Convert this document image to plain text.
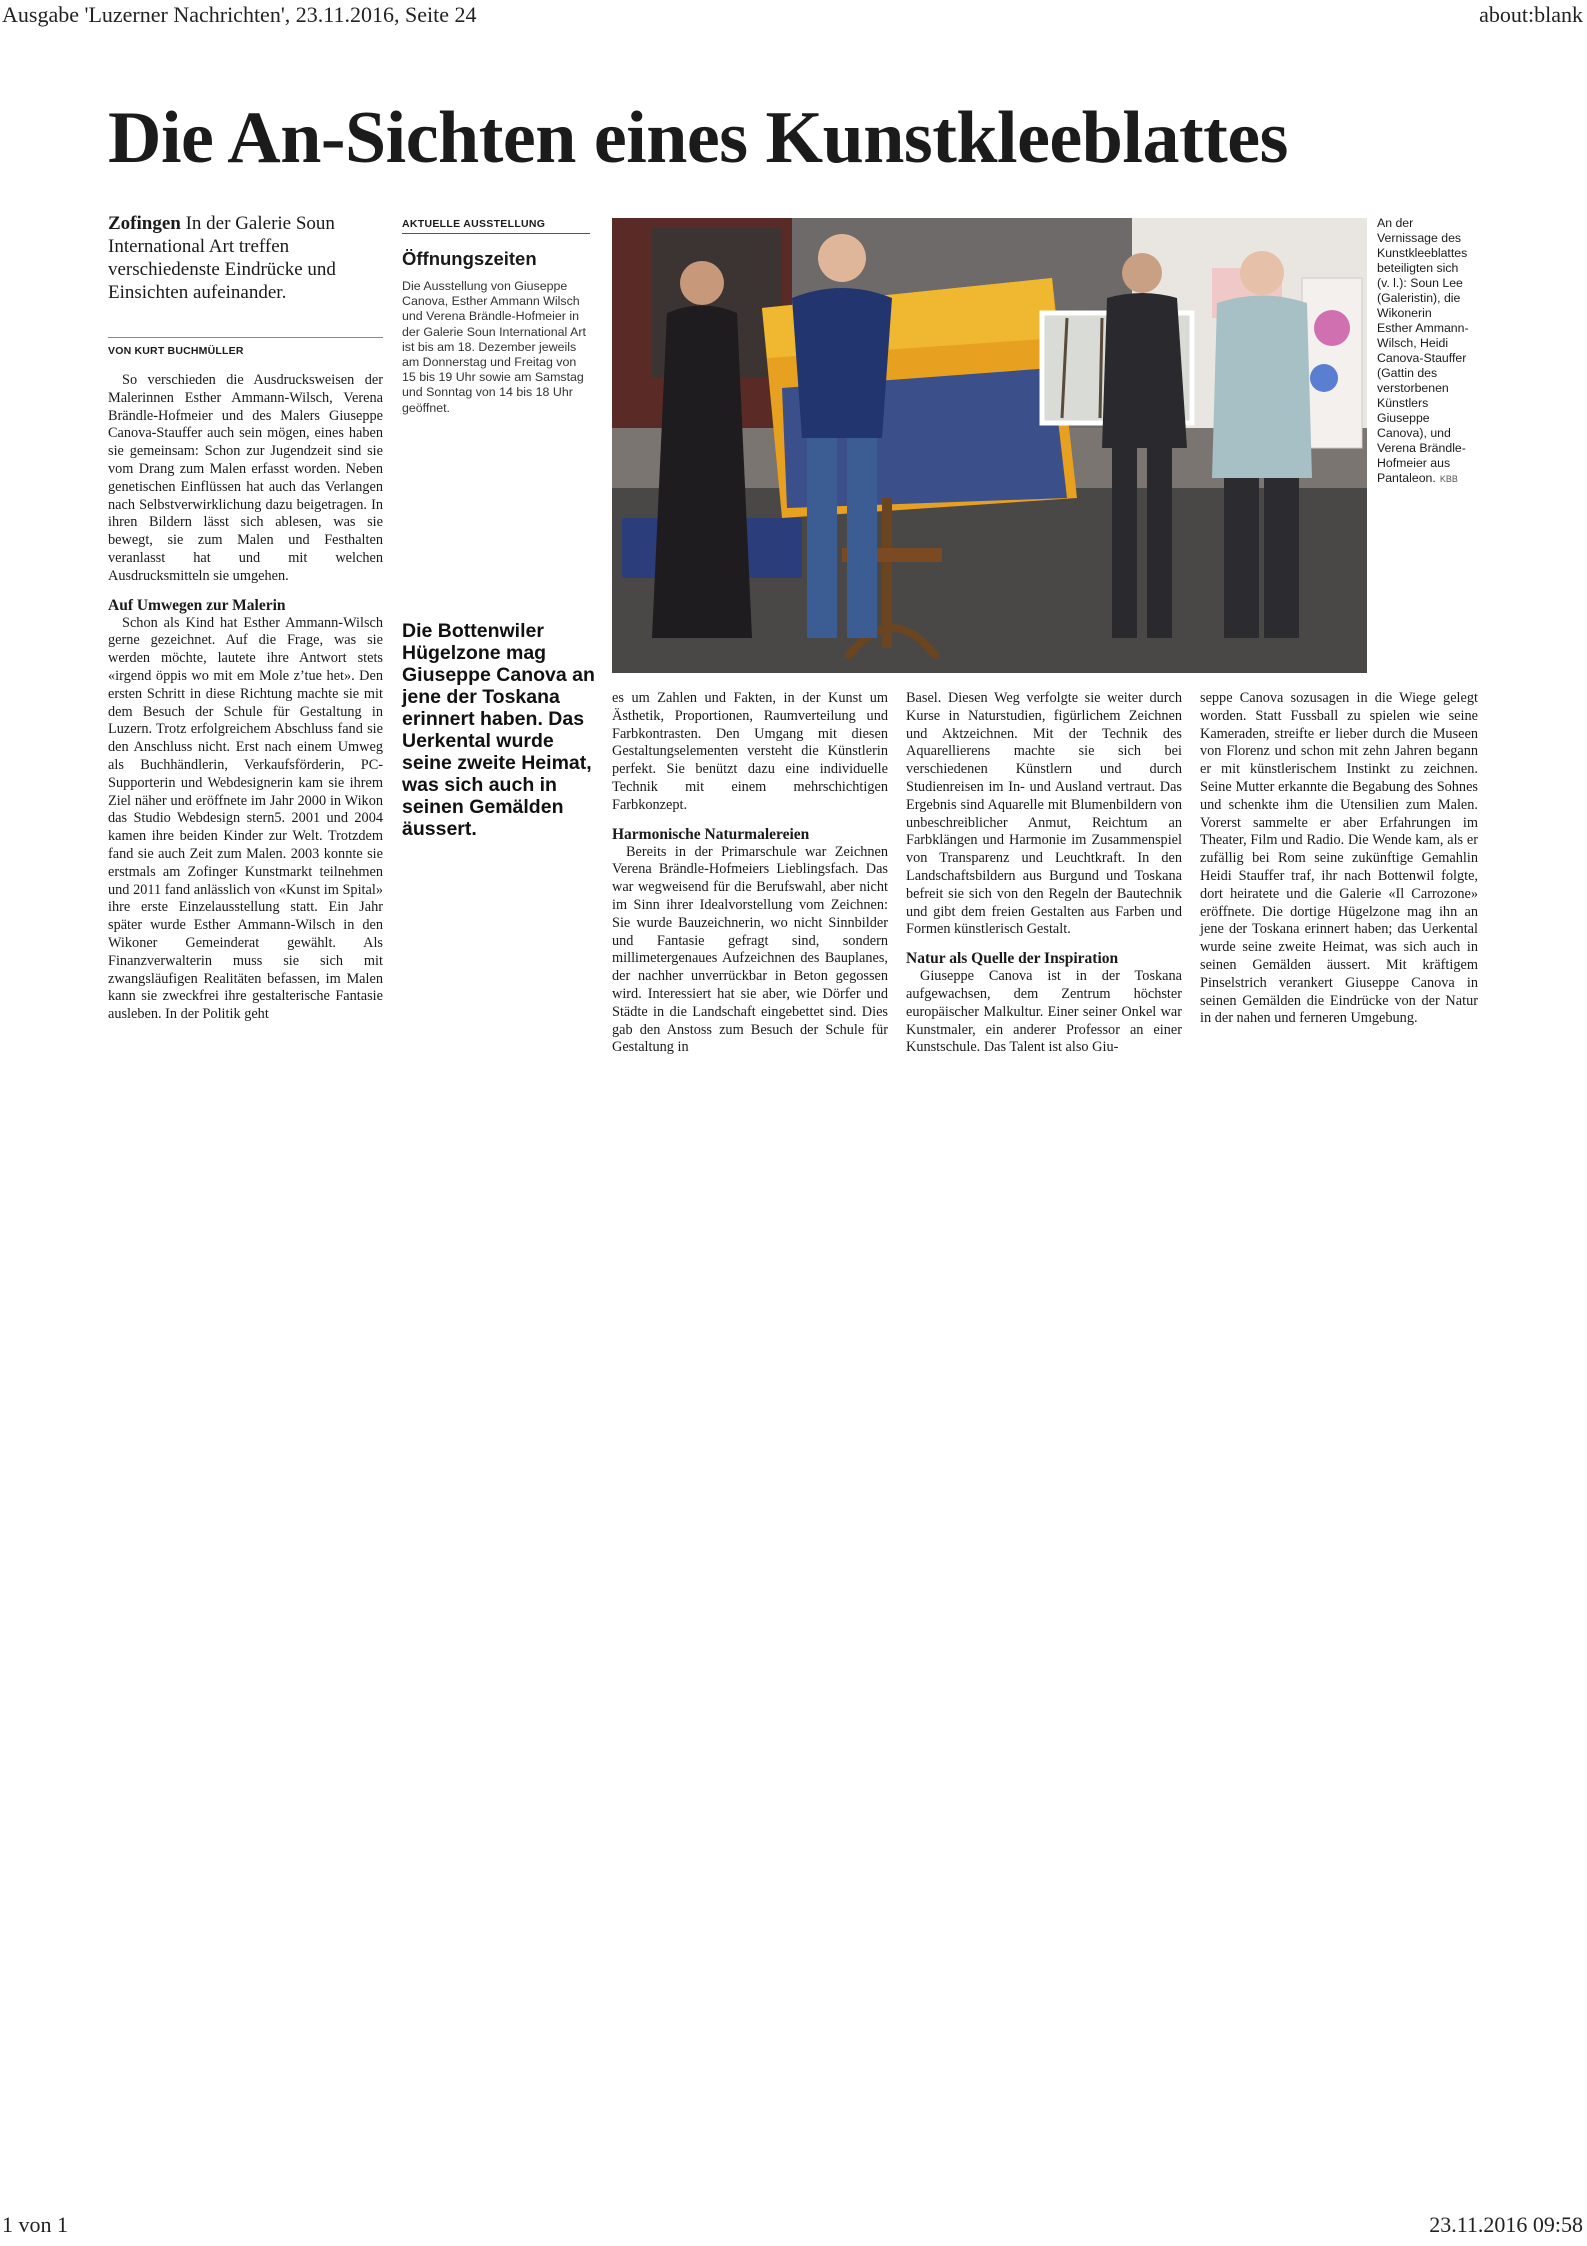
Ausgabe 'Luzerner Nachrichten', 23.11.2016, Seite 24	about:blank
Die An-Sichten eines Kunstkleeblattes
Zofingen In der Galerie Soun International Art treffen verschiedenste Eindrücke und Einsichten aufeinander.
VON KURT BUCHMÜLLER

So verschieden die Ausdrucksweisen der Malerinnen Esther Ammann-Wilsch, Verena Brändle-Hofmeier und des Malers Giuseppe Canova-Stauffer auch sein mögen, eines haben sie gemeinsam: Schon zur Jugendzeit sind sie vom Drang zum Malen erfasst worden. Neben genetischen Einflüssen hat auch das Verlangen nach Selbstverwirklichung dazu beigetragen. In ihren Bildern lässt sich ablesen, was sie bewegt, sie zum Malen und Festhalten veranlasst hat und mit welchen Ausdrucksmitteln sie umgehen.

Auf Umwegen zur Malerin

Schon als Kind hat Esther Ammann-Wilsch gerne gezeichnet. Auf die Frage, was sie werden möchte, lautete ihre Antwort stets «irgend öppis wo mit em Mole z’tue het». Den ersten Schritt in diese Richtung machte sie mit dem Besuch der Schule für Gestaltung in Luzern. Trotz erfolgreichem Abschluss fand sie den Anschluss nicht. Erst nach einem Umweg als Buchhändlerin, Verkaufsförderin, PC-Supporterin und Webdesignerin kam sie ihrem Ziel näher und eröffnete im Jahr 2000 in Wikon das Studio Webdesign stern5. 2001 und 2004 kamen ihre beiden Kinder zur Welt. Trotzdem fand sie auch Zeit zum Malen. 2003 konnte sie erstmals am Zofinger Kunstmarkt teilnehmen und 2011 fand anlässlich von «Kunst im Spital» ihre erste Einzelausstellung statt. Ein Jahr später wurde Esther Ammann-Wilsch in den Wikoner Gemeinderat gewählt. Als Finanzverwalterin muss sie sich mit zwangsläufigen Realitäten befassen, im Malen kann sie zweckfrei ihre gestalterische Fantasie ausleben. In der Politik geht

AKTUELLE AUSSTELLUNG
Öffnungszeiten
Die Ausstellung von Giuseppe Canova, Esther Ammann Wilsch und Verena Brändle-Hofmeier in der Galerie Soun International Art ist bis am 18. Dezember jeweils am Donnerstag und Freitag von 15 bis 19 Uhr sowie am Samstag und Sonntag von 14 bis 18 Uhr geöffnet.
Die Bottenwiler Hügelzone mag Giuseppe Canova an jene der Toskana erinnert haben. Das Uerkental wurde seine zweite Heimat, was sich auch in seinen Gemälden äussert.
An der Vernissage des Kunstkleeblattes beteiligten sich (v. l.): Soun Lee (Galeristin), die Wikonerin Esther Ammann-Wilsch, Heidi Canova-Stauffer (Gattin des verstorbenen Künstlers Giuseppe Canova), und Verena Brändle-Hofmeier aus Pantaleon. KBB

es um Zahlen und Fakten, in der Kunst um Ästhetik, Proportionen, Raumverteilung und Farbkontrasten. Den Umgang mit diesen Gestaltungselementen versteht die Künstlerin perfekt. Sie benützt dazu eine individuelle Technik mit einem mehrschichtigen Farbkonzept.

Harmonische Naturmalereien

Bereits in der Primarschule war Zeichnen Verena Brändle-Hofmeiers Lieblingsfach. Das war wegweisend für die Berufswahl, aber nicht im Sinn ihrer Idealvorstellung vom Zeichnen: Sie wurde Bauzeichnerin, wo nicht Sinnbilder und Fantasie gefragt sind, sondern millimetergenaues Aufzeichnen des Bauplanes, der nachher unverrückbar in Beton gegossen wird. Interessiert hat sie aber, wie Dörfer und Städte in die Landschaft eingebettet sind. Dies gab den Anstoss zum Besuch der Schule für Gestaltung in

Basel. Diesen Weg verfolgte sie weiter durch Kurse in Naturstudien, figürlichem Zeichnen und Aktzeichnen. Mit der Technik des Aquarellierens machte sie sich bei verschiedenen Künstlern und durch Studienreisen im In- und Ausland vertraut. Das Ergebnis sind Aquarelle mit Blumenbildern von unbeschreiblicher Anmut, Reichtum an Farbklängen und Harmonie im Zusammenspiel von Transparenz und Leuchtkraft. In den Landschaftsbildern aus Burgund und Toskana befreit sie sich von den Regeln der Bautechnik und gibt dem freien Gestalten aus Farben und Formen künstlerisch Gestalt.

Natur als Quelle der Inspiration

Giuseppe Canova ist in der Toskana aufgewachsen, dem Zentrum höchster europäischer Malkultur. Einer seiner Onkel war Kunstmaler, ein anderer Professor an einer Kunstschule. Das Talent ist also Giu-

seppe Canova sozusagen in die Wiege gelegt worden. Statt Fussball zu spielen wie seine Kameraden, streifte er lieber durch die Museen von Florenz und schon mit zehn Jahren begann er mit künstlerischem Instinkt zu zeichnen. Seine Mutter erkannte die Begabung des Sohnes und schenkte ihm die Utensilien zum Malen. Vorerst sammelte er aber Erfahrungen im Theater, Film und Radio. Die Wende kam, als er zufällig bei Rom seine zukünftige Gemahlin Heidi Stauffer traf, ihr nach Bottenwil folgte, dort heiratete und die Galerie «Il Carrozone» eröffnete. Die dortige Hügelzone mag ihn an jene der Toskana erinnert haben; das Uerkental wurde seine zweite Heimat, was sich auch in seinen Gemälden äussert. Mit kräftigem Pinselstrich verankert Giuseppe Canova in seinen Gemälden die Eindrücke von der Natur in der nahen und ferneren Umgebung.

1 von 1	23.11.2016 09:58
